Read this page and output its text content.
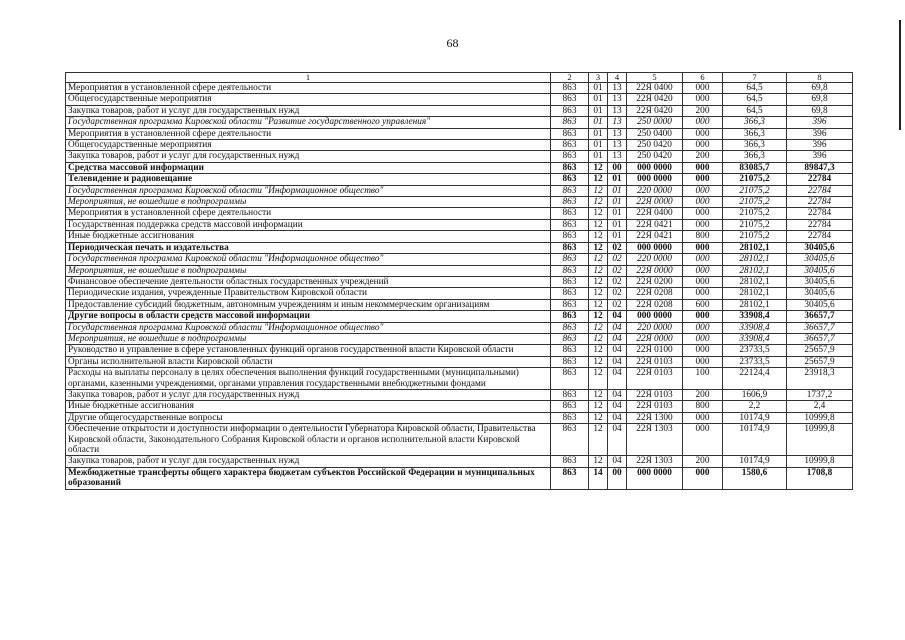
68
1	2	3	4	5	6	7	8
Мероприятия в установленной сфере деятельности	863	01	13	22Я 0400	000	64,5	69,8
Общегосударственные мероприятия	863	01	13	22Я 0420	000	64,5	69,8
Закупка товаров, работ и услуг для государственных нужд	863	01	13	22Я 0420	200	64,5	69,8
Государственная программа Кировской области "Развитие государственного управления"	863	01	13	250 0000	000	366,3	396
Мероприятия в установленной сфере деятельности	863	01	13	250 0400	000	366,3	396
Общегосударственные мероприятия	863	01	13	250 0420	000	366,3	396
Закупка товаров, работ и услуг для государственных нужд	863	01	13	250 0420	200	366,3	396
Средства массовой информации	863	12	00	000 0000	000	83085,7	89847,3
Телевидение и радиовещание	863	12	01	000 0000	000	21075,2	22784
Государственная программа Кировской области "Информационное общество"	863	12	01	220 0000	000	21075,2	22784
Мероприятия, не вошедшие в подпрограммы	863	12	01	22Я 0000	000	21075,2	22784
Мероприятия в установленной сфере деятельности	863	12	01	22Я 0400	000	21075,2	22784
Государственная поддержка средств массовой информации	863	12	01	22Я 0421	000	21075,2	22784
Иные бюджетные ассигнования	863	12	01	22Я 0421	800	21075,2	22784
Периодическая печать и издательства	863	12	02	000 0000	000	28102,1	30405,6
Государственная программа Кировской области "Информационное общество"	863	12	02	220 0000	000	28102,1	30405,6
Мероприятия, не вошедшие в подпрограммы	863	12	02	22Я 0000	000	28102,1	30405,6
Финансовое обеспечение деятельности областных государственных учреждений	863	12	02	22Я 0200	000	28102,1	30405,6
Периодические издания, учрежденные Правительством Кировской области	863	12	02	22Я 0208	000	28102,1	30405,6
Предоставление субсидий бюджетным, автономным учреждениям и иным некоммерческим организациям	863	12	02	22Я 0208	600	28102,1	30405,6
Другие вопросы в области средств массовой информации	863	12	04	000 0000	000	33908,4	36657,7
Государственная программа Кировской области "Информационное общество"	863	12	04	220 0000	000	33908,4	36657,7
Мероприятия, не вошедшие в подпрограммы	863	12	04	22Я 0000	000	33908,4	36657,7
Руководство и управление в сфере установленных функций органов государственной власти Кировской области	863	12	04	22Я 0100	000	23733,5	25657,9
Органы исполнительной власти Кировской области	863	12	04	22Я 0103	000	23733,5	25657,9
Расходы на выплаты персоналу в целях обеспечения выполнения функций государственными (муниципальными) органами, казенными учреждениями, органами управления государственными внебюджетными фондами	863	12	04	22Я 0103	100	22124,4	23918,3
Закупка товаров, работ и услуг для государственных нужд	863	12	04	22Я 0103	200	1606,9	1737,2
Иные бюджетные ассигнования	863	12	04	22Я 0103	800	2,2	2,4
Другие общегосударственные вопросы	863	12	04	22Я 1300	000	10174,9	10999,8
Обеспечение открытости и доступности информации о деятельности Губернатора Кировской области, Правительства Кировской области, Законодательного Собрания Кировской области и органов исполнительной власти Кировской области	863	12	04	22Я 1303	000	10174,9	10999,8
Закупка товаров, работ и услуг для государственных нужд	863	12	04	22Я 1303	200	10174,9	10999,8
Межбюджетные трансферты общего характера бюджетам субъектов Российской Федерации и муниципальных образований	863	14	00	000 0000	000	1580,6	1708,8
